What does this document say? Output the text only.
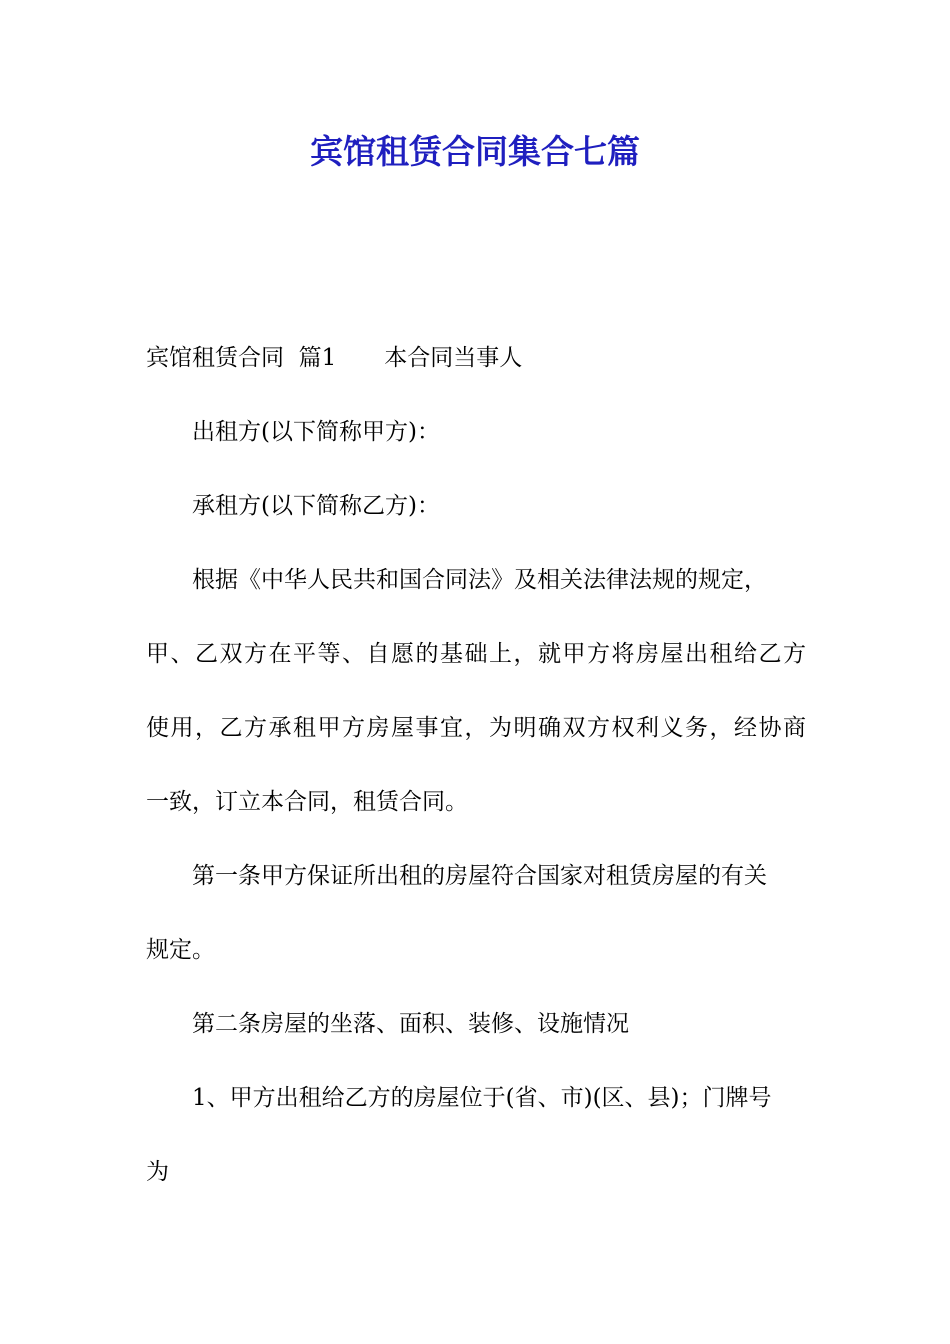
宾馆租赁合同集合七篇

宾馆租赁合同  篇1 本合同当事人

出租方(以下简称甲方)：

承租方(以下简称乙方)：

根据《中华人民共和国合同法》及相关法律法规的规定，

甲、乙双方在平等、自愿的基础上，就甲方将房屋出租给乙方

使用，乙方承租甲方房屋事宜，为明确双方权利义务，经协商

一致，订立本合同，租赁合同。

第一条甲方保证所出租的房屋符合国家对租赁房屋的有关

规定。

第二条房屋的坐落、面积、装修、设施情况

1、甲方出租给乙方的房屋位于(省、市)(区、县)；门牌号

为
